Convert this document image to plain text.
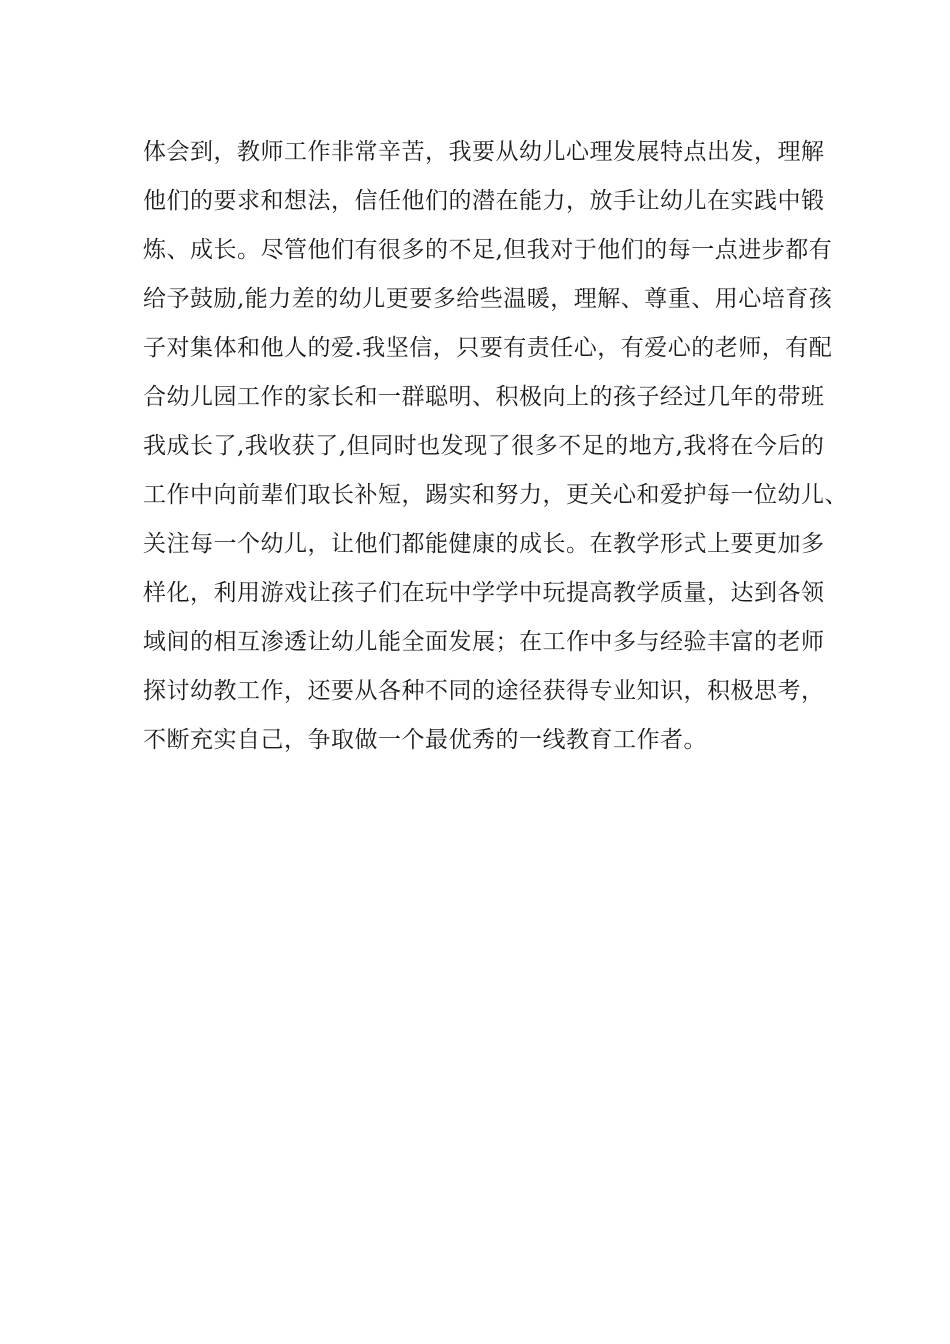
体会到，教师工作非常辛苦，我要从幼儿心理发展特点出发，理解
他们的要求和想法，信任他们的潜在能力，放手让幼儿在实践中锻
炼、成长。尽管他们有很多的不足,但我对于他们的每一点进步都有
给予鼓励,能力差的幼儿更要多给些温暖，理解、尊重、用心培育孩
子对集体和他人的爱.我坚信，只要有责任心，有爱心的老师，有配
合幼儿园工作的家长和一群聪明、积极向上的孩子经过几年的带班
我成长了,我收获了,但同时也发现了很多不足的地方,我将在今后的
工作中向前辈们取长补短，踢实和努力，更关心和爱护每一位幼儿、
关注每一个幼儿，让他们都能健康的成长。在教学形式上要更加多
样化，利用游戏让孩子们在玩中学学中玩提高教学质量，达到各领
域间的相互渗透让幼儿能全面发展；在工作中多与经验丰富的老师
探讨幼教工作，还要从各种不同的途径获得专业知识，积极思考，
不断充实自己，争取做一个最优秀的一线教育工作者。
